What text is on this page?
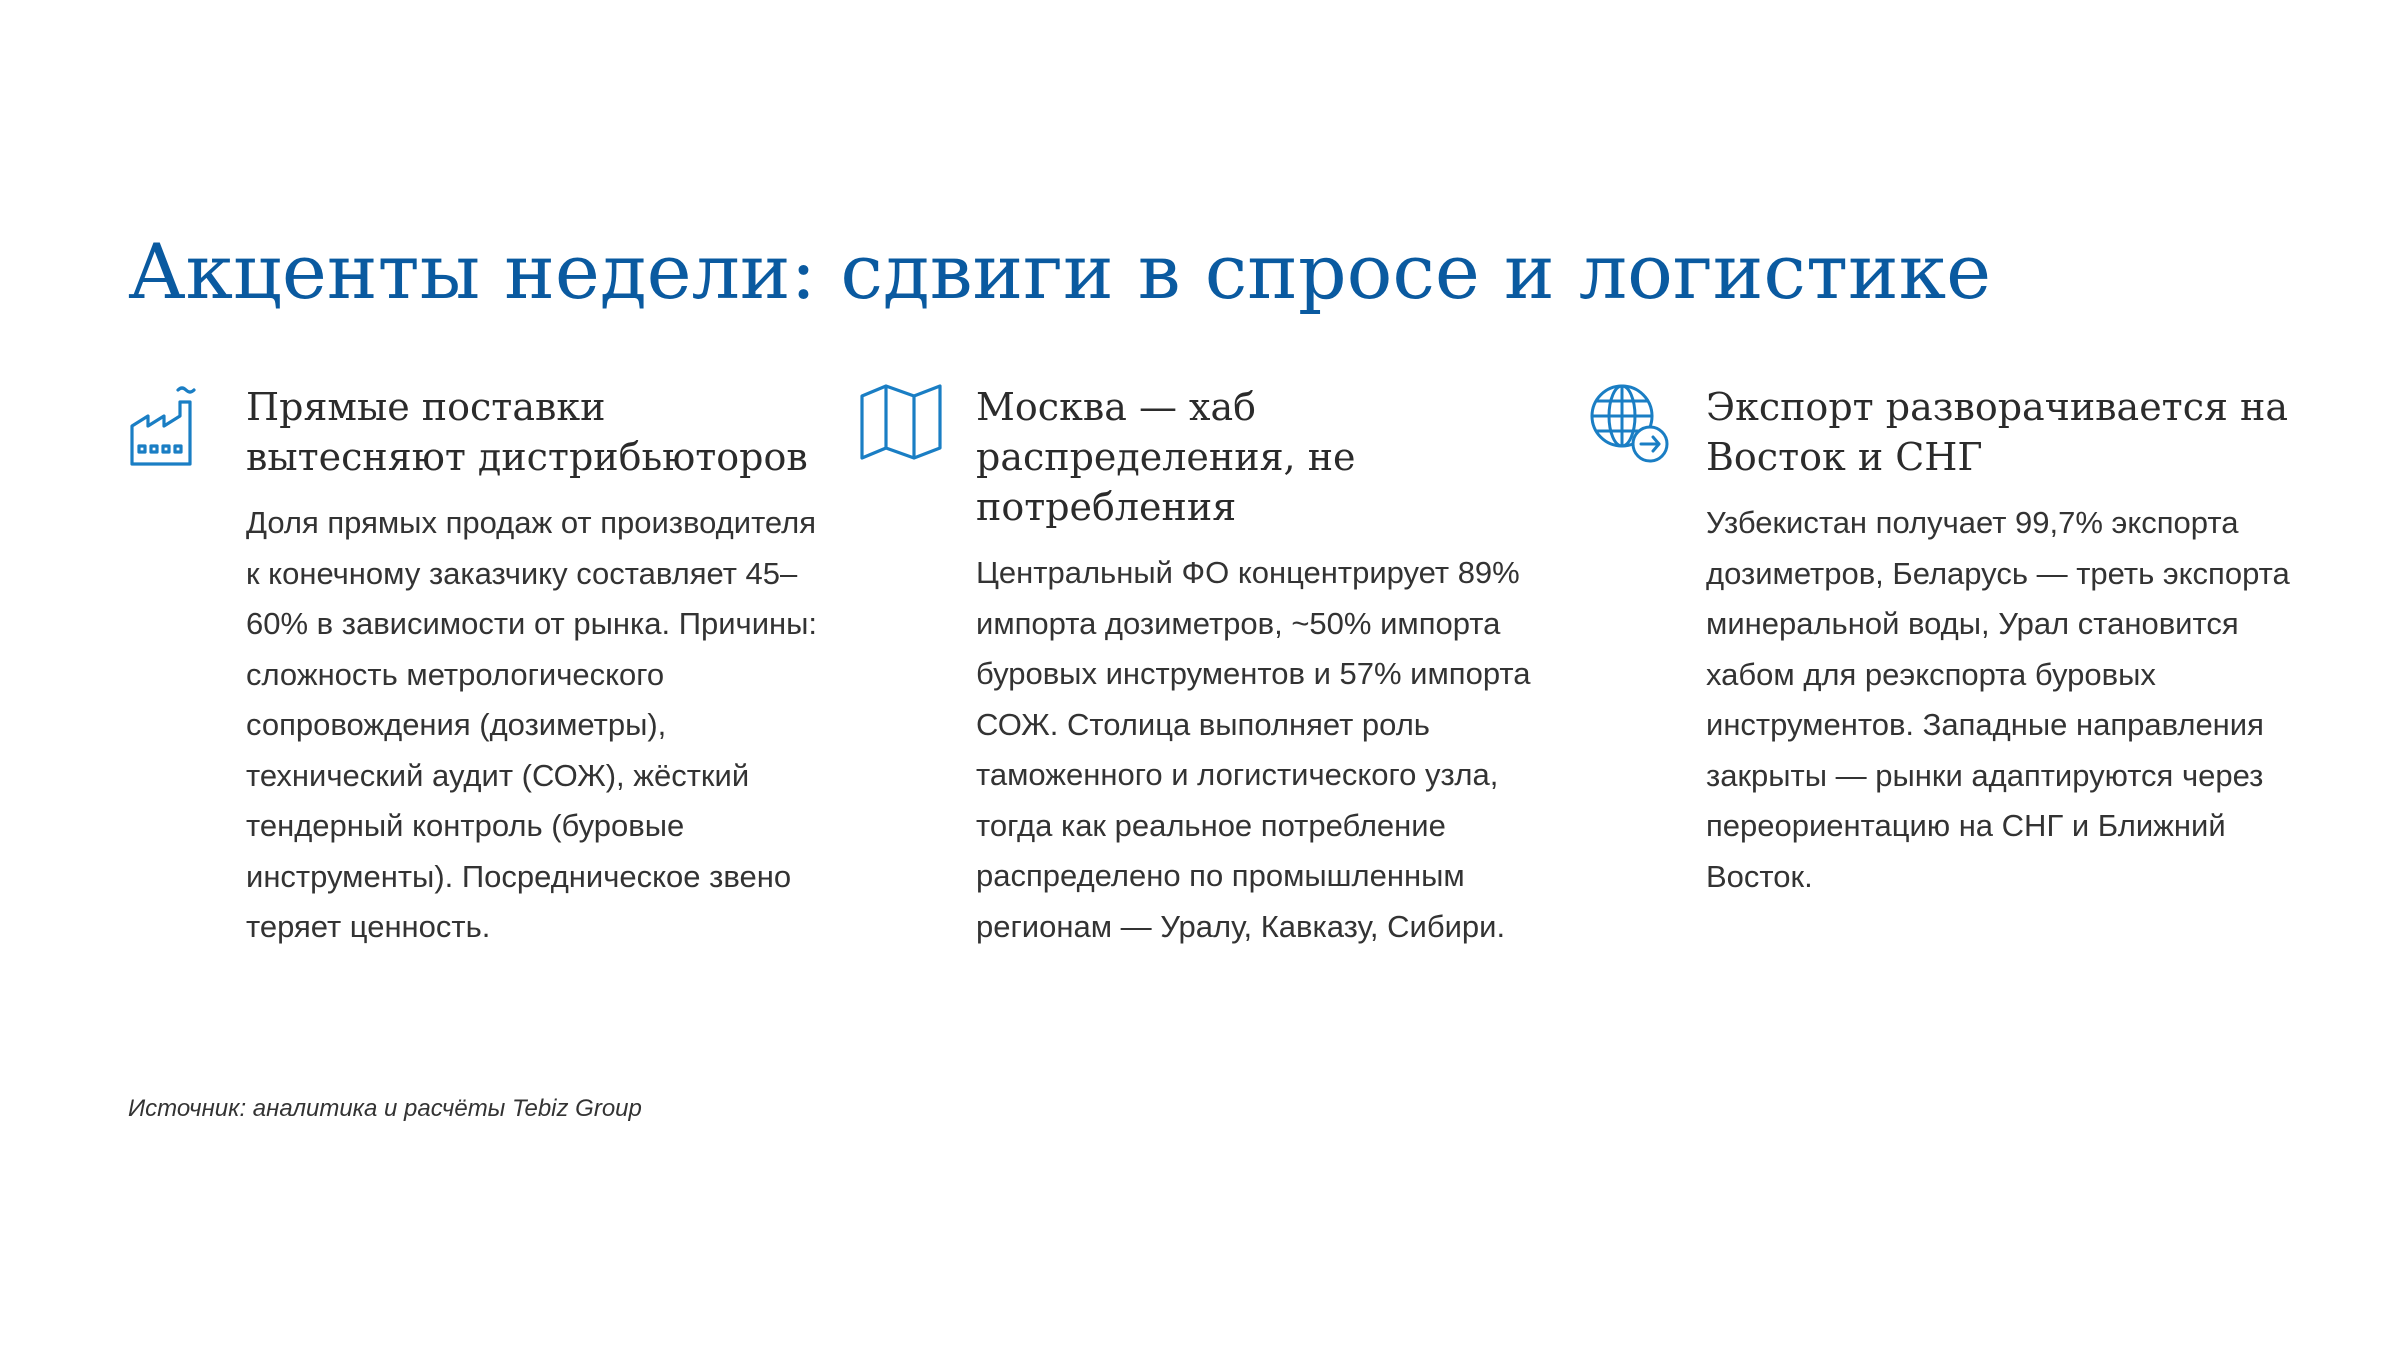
Акценты недели: сдвиги в спросе и логистике
Прямые поставки вытесняют дистрибьюторов

Доля прямых продаж от производителя к конечному заказчику составляет 45–60% в зависимости от рынка. Причины: сложность метрологического сопровождения (дозиметры), технический аудит (СОЖ), жёсткий тендерный контроль (буровые инструменты). Посредническое звено теряет ценность.

Москва — хаб распределения, не потребления

Центральный ФО концентрирует 89% импорта дозиметров, ~50% импорта буровых инструментов и 57% импорта СОЖ. Столица выполняет роль таможенного и логистического узла, тогда как реальное потребление распределено по промышленным регионам — Уралу, Кавказу, Сибири.

Экспорт разворачивается на Восток и СНГ

Узбекистан получает 99,7% экспорта дозиметров, Беларусь — треть экспорта минеральной воды, Урал становится хабом для реэкспорта буровых инструментов. Западные направления закрыты — рынки адаптируются через переориентацию на СНГ и Ближний Восток.

Источник: аналитика и расчёты Tebiz Group
